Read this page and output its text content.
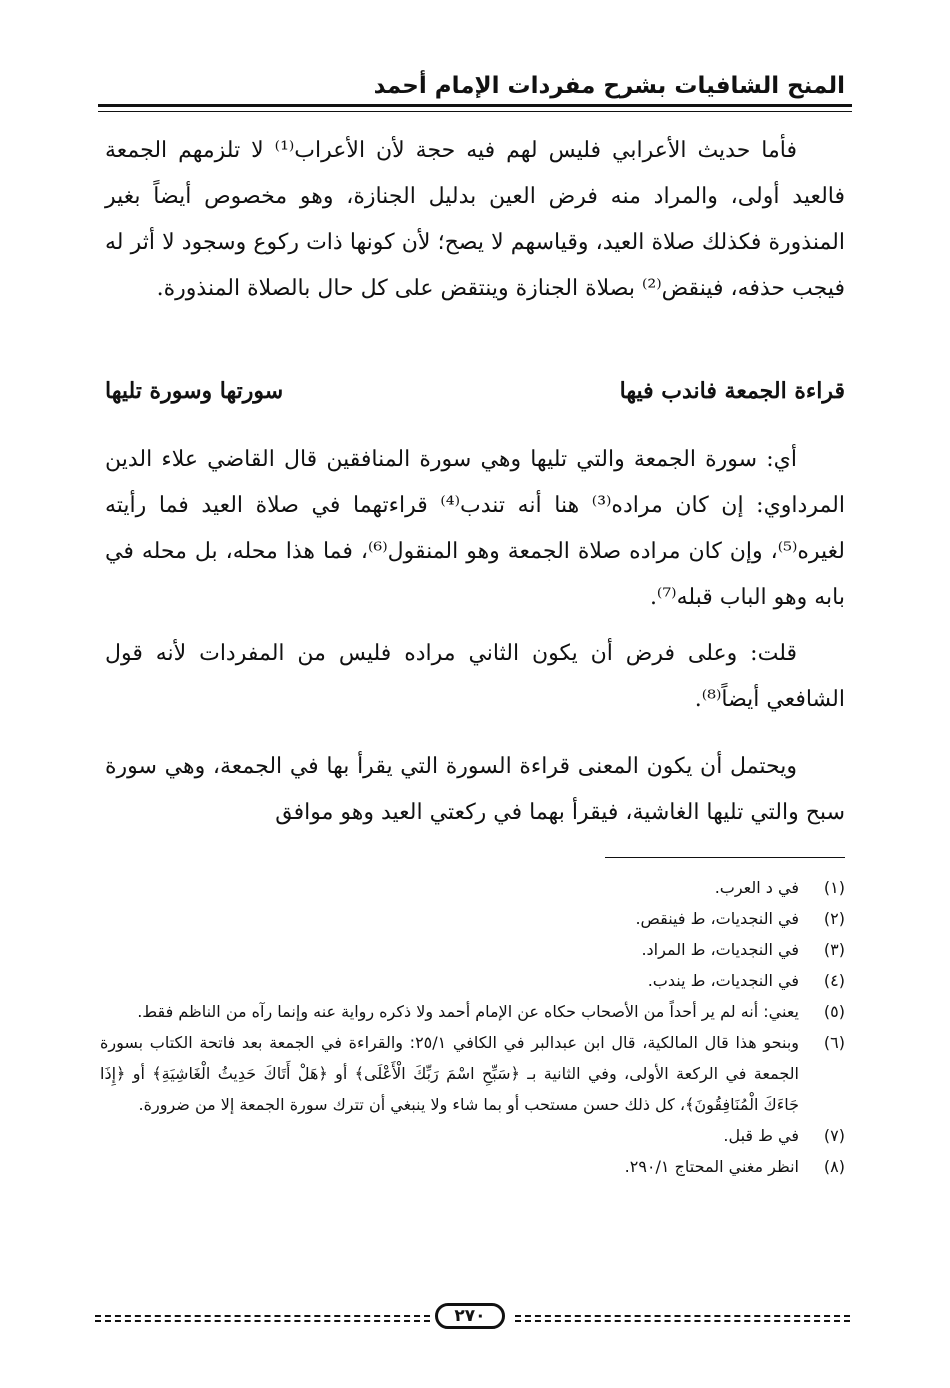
المنح الشافيات بشرح مفردات الإمام أحمد
فأما حديث الأعرابي فليس لهم فيه حجة لأن الأعراب⁽¹⁾ لا تلزمهم الجمعة فالعيد أولى، والمراد منه فرض العين بدليل الجنازة، وهو مخصوص أيضاً بغير المنذورة فكذلك صلاة العيد، وقياسهم لا يصح؛ لأن كونها ذات ركوع وسجود لا أثر له فيجب حذفه، فينقض⁽²⁾ بصلاة الجنازة وينتقض على كل حال بالصلاة المنذورة.
قراءة الجمعة فاندب فيها
سورتها وسورة تليها
أي: سورة الجمعة والتي تليها وهي سورة المنافقين قال القاضي علاء الدين المرداوي: إن كان مراده⁽³⁾ هنا أنه تندب⁽⁴⁾ قراءتهما في صلاة العيد فما رأيته لغيره⁽⁵⁾، وإن كان مراده صلاة الجمعة وهو المنقول⁽⁶⁾، فما هذا محله، بل محله في بابه وهو الباب قبله⁽⁷⁾.
قلت: وعلى فرض أن يكون الثاني مراده فليس من المفردات لأنه قول الشافعي أيضاً⁽⁸⁾.
ويحتمل أن يكون المعنى قراءة السورة التي يقرأ بها في الجمعة، وهي سورة سبح والتي تليها الغاشية، فيقرأ بهما في ركعتي العيد وهو موافق
(١)
في د العرب.
(٢)
في النجديات، ط فينقص.
(٣)
في النجديات، ط المراد.
(٤)
في النجديات، ط يندب.
(٥)
يعني: أنه لم ير أحداً من الأصحاب حكاه عن الإمام أحمد ولا ذكره رواية عنه وإنما رآه من الناظم فقط.
(٦)
وبنحو هذا قال المالكية، قال ابن عبدالبر في الكافي ٢٥/١: والقراءة في الجمعة بعد فاتحة الكتاب بسورة الجمعة في الركعة الأولى، وفي الثانية بـ ﴿سَبِّحِ اسْمَ رَبِّكَ الْأَعْلَى﴾ أو ﴿هَلْ أَتَاكَ حَدِيثُ الْغَاشِيَةِ﴾ أو ﴿إِذَا جَاءَكَ الْمُنَافِقُونَ﴾، كل ذلك حسن مستحب أو بما شاء ولا ينبغي أن تترك سورة الجمعة إلا من ضرورة.
(٧)
في ط قبل.
(٨)
انظر مغني المحتاج ٢٩٠/١.
٢٧٠
